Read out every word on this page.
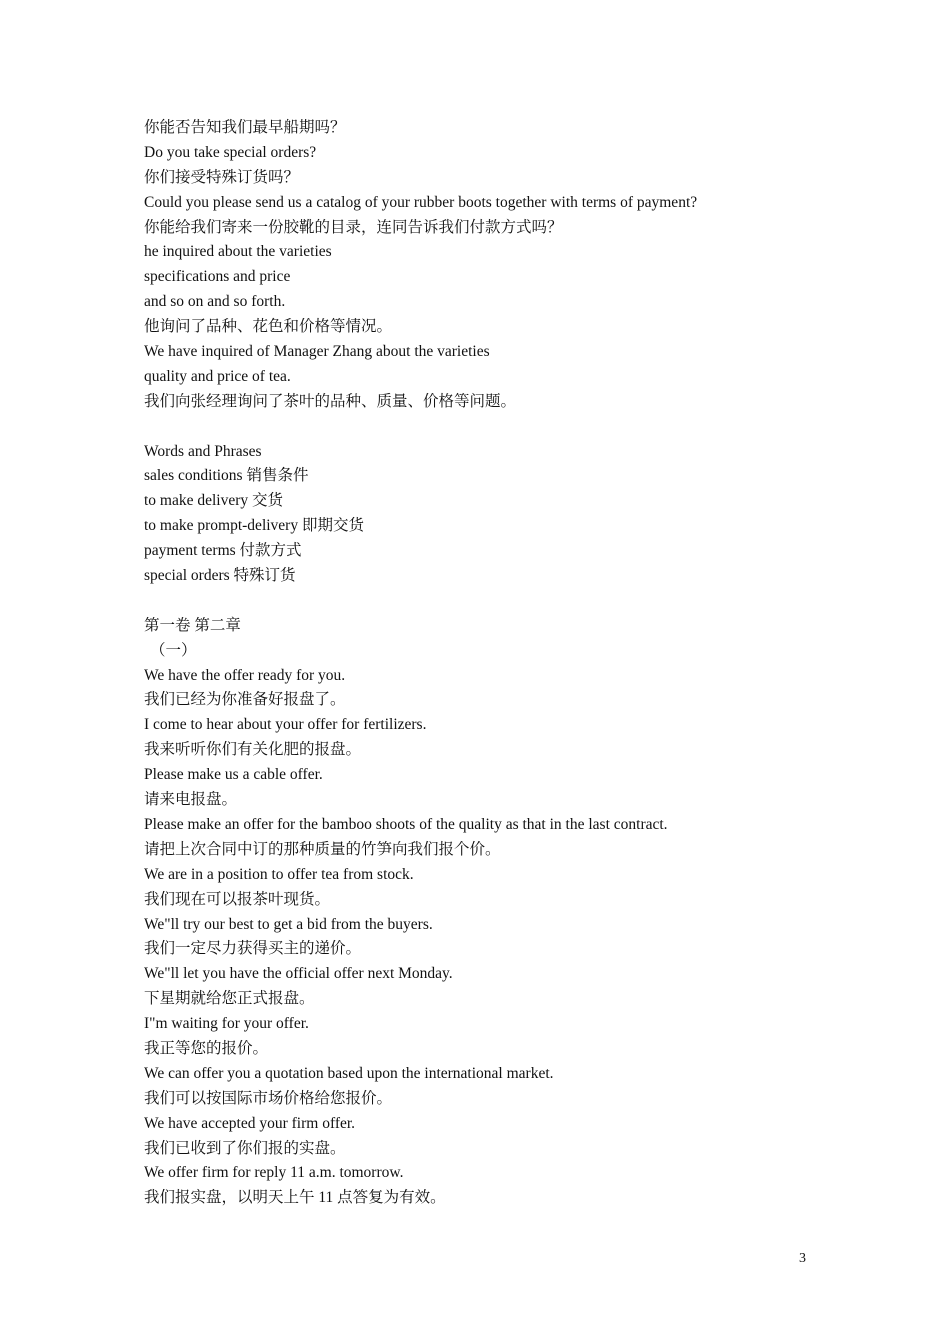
你能否告知我们最早船期吗？
Do you take special orders?
你们接受特殊订货吗？
Could you please send us a catalog of your rubber boots together with terms of payment?
你能给我们寄来一份胶靴的目录，连同告诉我们付款方式吗？
he inquired about the varieties
specifications and price
and so on and so forth.
他询问了品种、花色和价格等情况。
We have inquired of Manager Zhang about the varieties
quality and price of tea.
我们向张经理询问了茶叶的品种、质量、价格等问题。
Words and Phrases
sales conditions 销售条件
to make delivery 交货
to make prompt-delivery 即期交货
payment terms 付款方式
special orders 特殊订货
第一卷 第二章
（一）
We have the offer ready for you.
我们已经为你准备好报盘了。
I come to hear about your offer for fertilizers.
我来听听你们有关化肥的报盘。
Please make us a cable offer.
请来电报盘。
Please make an offer for the bamboo shoots of the quality as that in the last contract.
请把上次合同中订的那种质量的竹笋向我们报个价。
We are in a position to offer tea from stock.
我们现在可以报茶叶现货。
We"ll try our best to get a bid from the buyers.
我们一定尽力获得买主的递价。
We"ll let you have the official offer next Monday.
下星期就给您正式报盘。
I"m waiting for your offer.
我正等您的报价。
We can offer you a quotation based upon the international market.
我们可以按国际市场价格给您报价。
We have accepted your firm offer.
我们已收到了你们报的实盘。
We offer firm for reply 11 a.m. tomorrow.
我们报实盘，以明天上午 11 点答复为有效。
3
